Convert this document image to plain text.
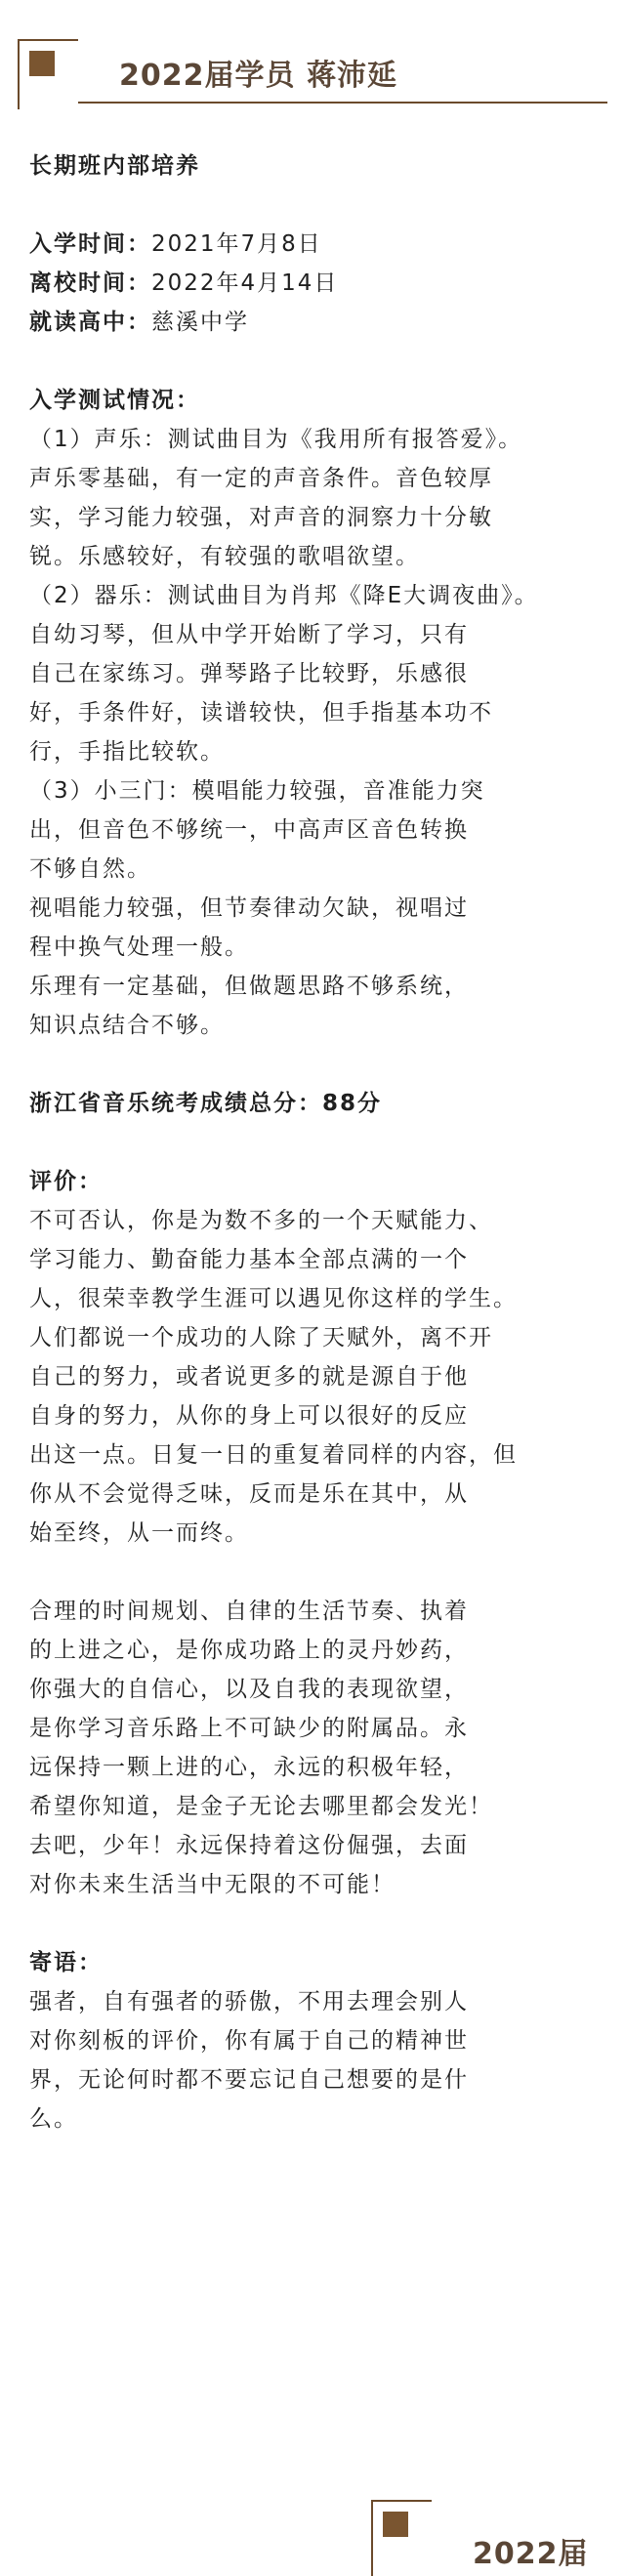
2022届学员 蒋沛延

长期班内部培养

入学时间：2021年7月8日

离校时间：2022年4月14日

就读高中：慈溪中学

入学测试情况：

（1）声乐：测试曲目为《我用所有报答爱》。

声乐零基础，有一定的声音条件。音色较厚

实，学习能力较强，对声音的洞察力十分敏

锐。乐感较好，有较强的歌唱欲望。

（2）器乐：测试曲目为肖邦《降E大调夜曲》。

自幼习琴，但从中学开始断了学习，只有

自己在家练习。弹琴路子比较野，乐感很

好，手条件好，读谱较快，但手指基本功不

行，手指比较软。

（3）小三门：模唱能力较强，音准能力突

出，但音色不够统一，中高声区音色转换

不够自然。

视唱能力较强，但节奏律动欠缺，视唱过

程中换气处理一般。

乐理有一定基础，但做题思路不够系统，

知识点结合不够。

浙江省音乐统考成绩总分：88分

评价：

不可否认，你是为数不多的一个天赋能力、

学习能力、勤奋能力基本全部点满的一个

人，很荣幸教学生涯可以遇见你这样的学生。

人们都说一个成功的人除了天赋外，离不开

自己的努力，或者说更多的就是源自于他

自身的努力，从你的身上可以很好的反应

出这一点。日复一日的重复着同样的内容，但

你从不会觉得乏味，反而是乐在其中，从

始至终，从一而终。

合理的时间规划、自律的生活节奏、执着

的上进之心，是你成功路上的灵丹妙药，

你强大的自信心，以及自我的表现欲望，

是你学习音乐路上不可缺少的附属品。永

远保持一颗上进的心，永远的积极年轻，

希望你知道，是金子无论去哪里都会发光！

去吧，少年！永远保持着这份倔强，去面

对你未来生活当中无限的不可能！

寄语：

强者，自有强者的骄傲，不用去理会别人

对你刻板的评价，你有属于自己的精神世

界，无论何时都不要忘记自己想要的是什

么。

2022届
